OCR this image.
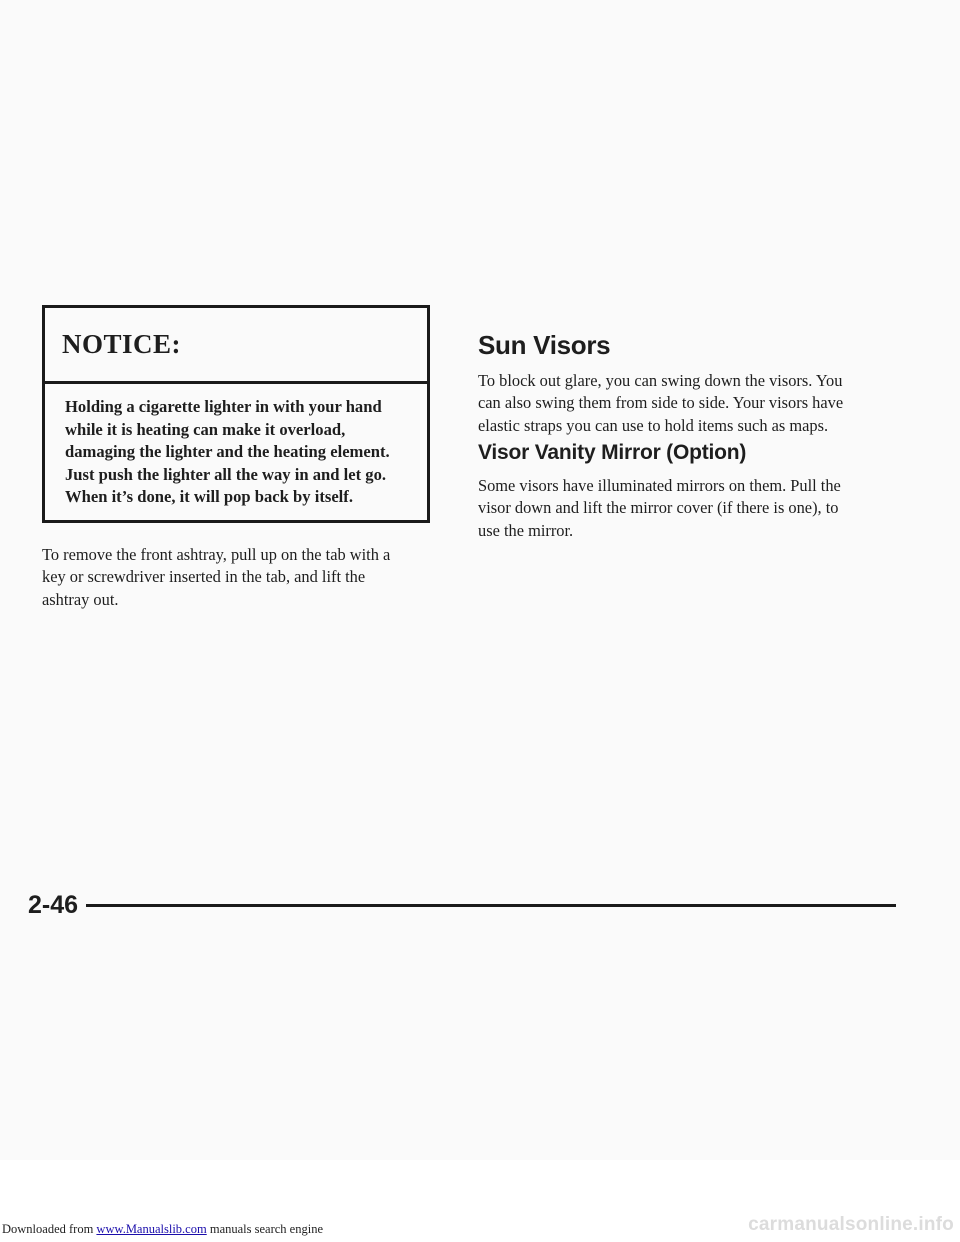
NOTICE:
Holding a cigarette lighter in with your hand
while it is heating can make it overload,
damaging the lighter and the heating element.
Just push the lighter all the way in and let go.
When it’s done, it will pop back by itself.
To remove the front ashtray, pull up on the tab with a
key or screwdriver inserted in the tab, and lift the
ashtray out.
Sun Visors
To block out glare, you can swing down the visors. You
can also swing them from side to side. Your visors have
elastic straps you can use to hold items such as maps.
Visor Vanity Mirror (Option)
Some visors have illuminated mirrors on them. Pull the
visor down and lift the mirror cover (if there is one), to
use the mirror.

2-46

Downloaded from www.Manualslib.com manuals search engine	carmanualsonline.info
